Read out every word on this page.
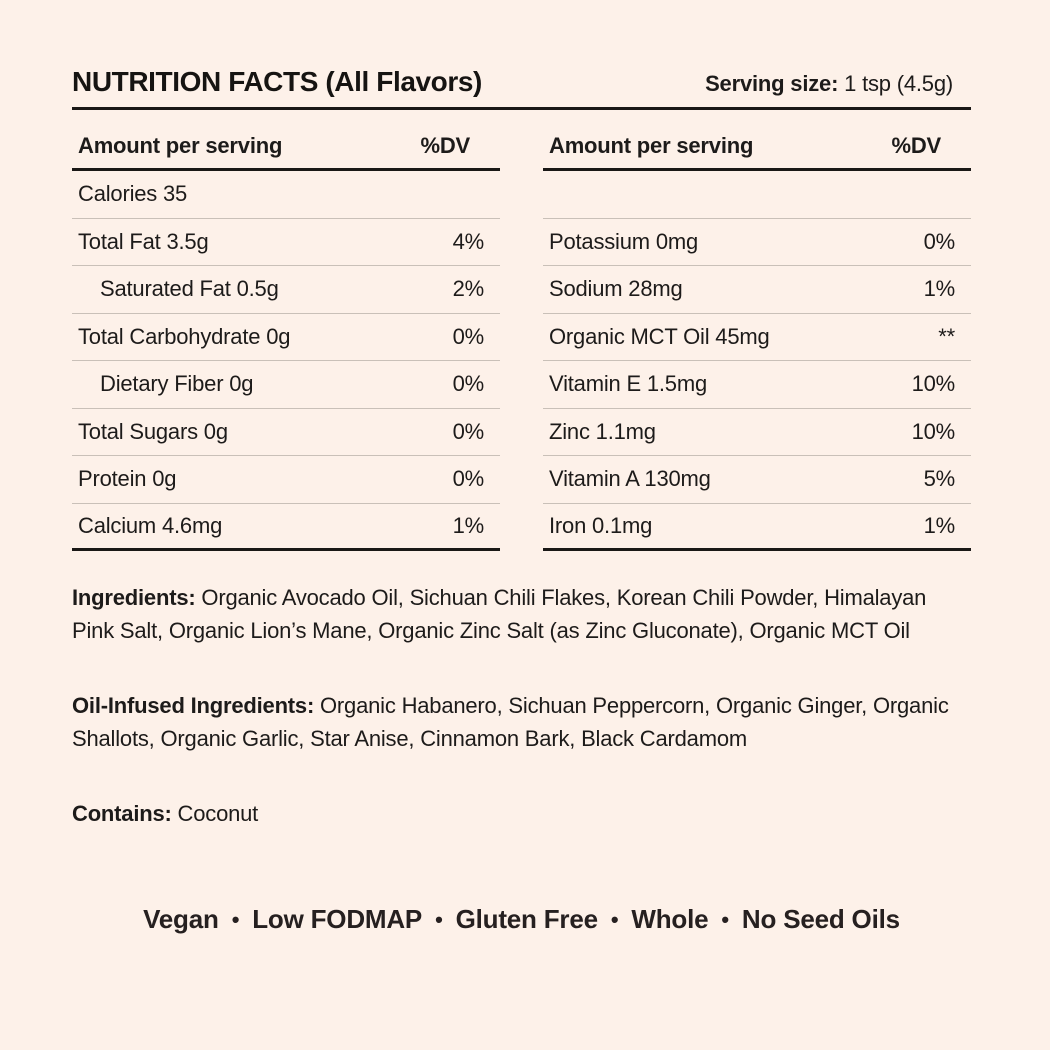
NUTRITION FACTS (All Flavors)	Serving size: 1 tsp (4.5g)
Amount per serving	%DV
Calories 35
Total Fat 3.5g	4%
Saturated Fat 0.5g	2%
Total Carbohydrate 0g	0%
Dietary Fiber 0g	0%
Total Sugars 0g	0%
Protein 0g	0%
Calcium 4.6mg	1%
Amount per serving	%DV
Potassium 0mg	0%
Sodium 28mg	1%
Organic MCT Oil 45mg	**
Vitamin E 1.5mg	10%
Zinc 1.1mg	10%
Vitamin A 130mg	5%
Iron 0.1mg	1%

Ingredients: Organic Avocado Oil, Sichuan Chili Flakes, Korean Chili Powder, Himalayan Pink Salt, Organic Lion’s Mane, Organic Zinc Salt (as Zinc Gluconate), Organic MCT Oil

Oil-Infused Ingredients: Organic Habanero, Sichuan Peppercorn, Organic Ginger, Organic Shallots, Organic Garlic, Star Anise, Cinnamon Bark, Black Cardamom

Contains: Coconut

Vegan • Low FODMAP • Gluten Free • Whole • No Seed Oils
